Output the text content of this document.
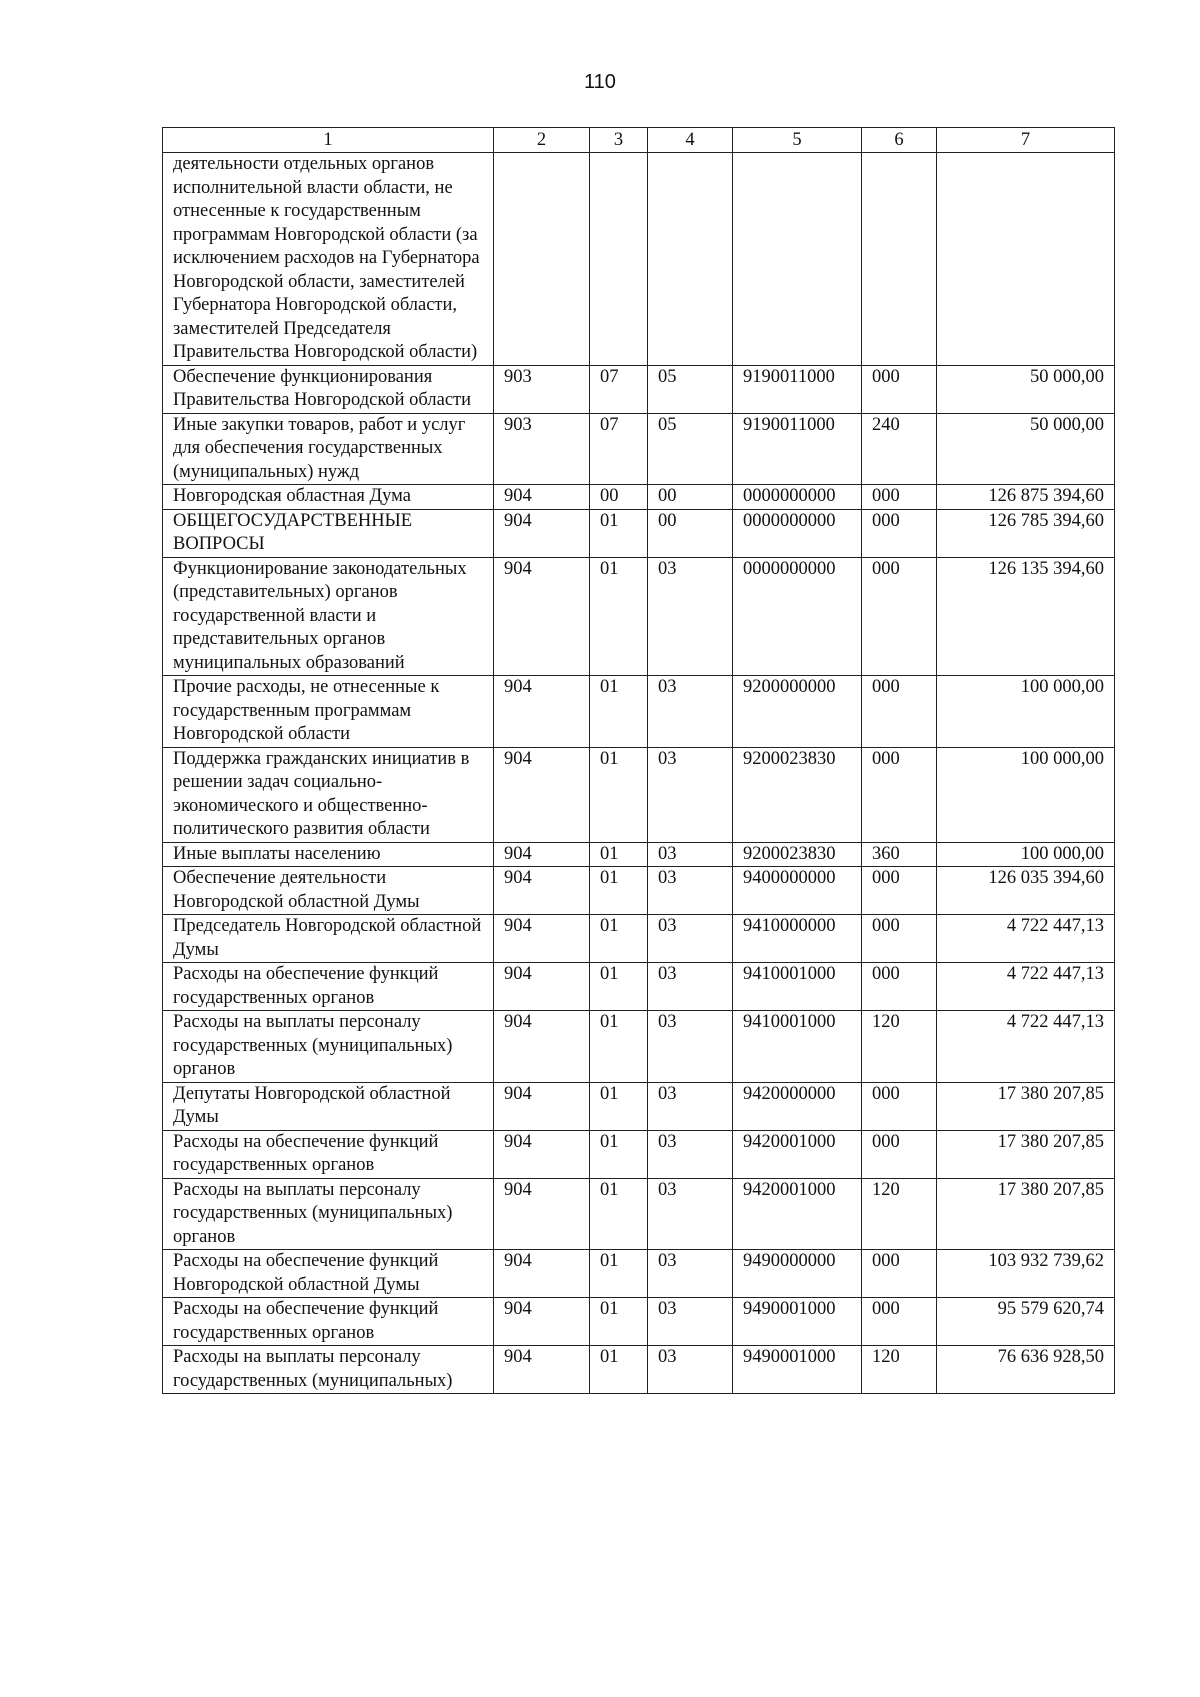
110
1	2	3	4	5	6	7
деятельности отдельных органов исполнительной власти области, не отнесенные к государственным программам Новгородской области (за исключением расходов на Губернатора Новгородской области, заместителей Губернатора Новгородской области, заместителей Председателя Правительства Новгородской области)						
Обеспечение функционирования Правительства Новгородской области	903	07	05	9190011000	000	50 000,00
Иные закупки товаров, работ и услуг для обеспечения государственных (муниципальных) нужд	903	07	05	9190011000	240	50 000,00
Новгородская областная Дума	904	00	00	0000000000	000	126 875 394,60
ОБЩЕГОСУДАРСТВЕННЫЕ ВОПРОСЫ	904	01	00	0000000000	000	126 785 394,60
Функционирование законодательных (представительных) органов государственной власти и представительных органов муниципальных образований	904	01	03	0000000000	000	126 135 394,60
Прочие расходы, не отнесенные к государственным программам Новгородской области	904	01	03	9200000000	000	100 000,00
Поддержка гражданских инициатив в решении задач социально-экономического и общественно-политического развития области	904	01	03	9200023830	000	100 000,00
Иные выплаты населению	904	01	03	9200023830	360	100 000,00
Обеспечение деятельности Новгородской областной Думы	904	01	03	9400000000	000	126 035 394,60
Председатель Новгородской областной Думы	904	01	03	9410000000	000	4 722 447,13
Расходы на обеспечение функций государственных органов	904	01	03	9410001000	000	4 722 447,13
Расходы на выплаты персоналу государственных (муниципальных) органов	904	01	03	9410001000	120	4 722 447,13
Депутаты Новгородской областной Думы	904	01	03	9420000000	000	17 380 207,85
Расходы на обеспечение функций государственных органов	904	01	03	9420001000	000	17 380 207,85
Расходы на выплаты персоналу государственных (муниципальных) органов	904	01	03	9420001000	120	17 380 207,85
Расходы на обеспечение функций Новгородской областной Думы	904	01	03	9490000000	000	103 932 739,62
Расходы на обеспечение функций государственных органов	904	01	03	9490001000	000	95 579 620,74
Расходы на выплаты персоналу государственных (муниципальных)	904	01	03	9490001000	120	76 636 928,50
